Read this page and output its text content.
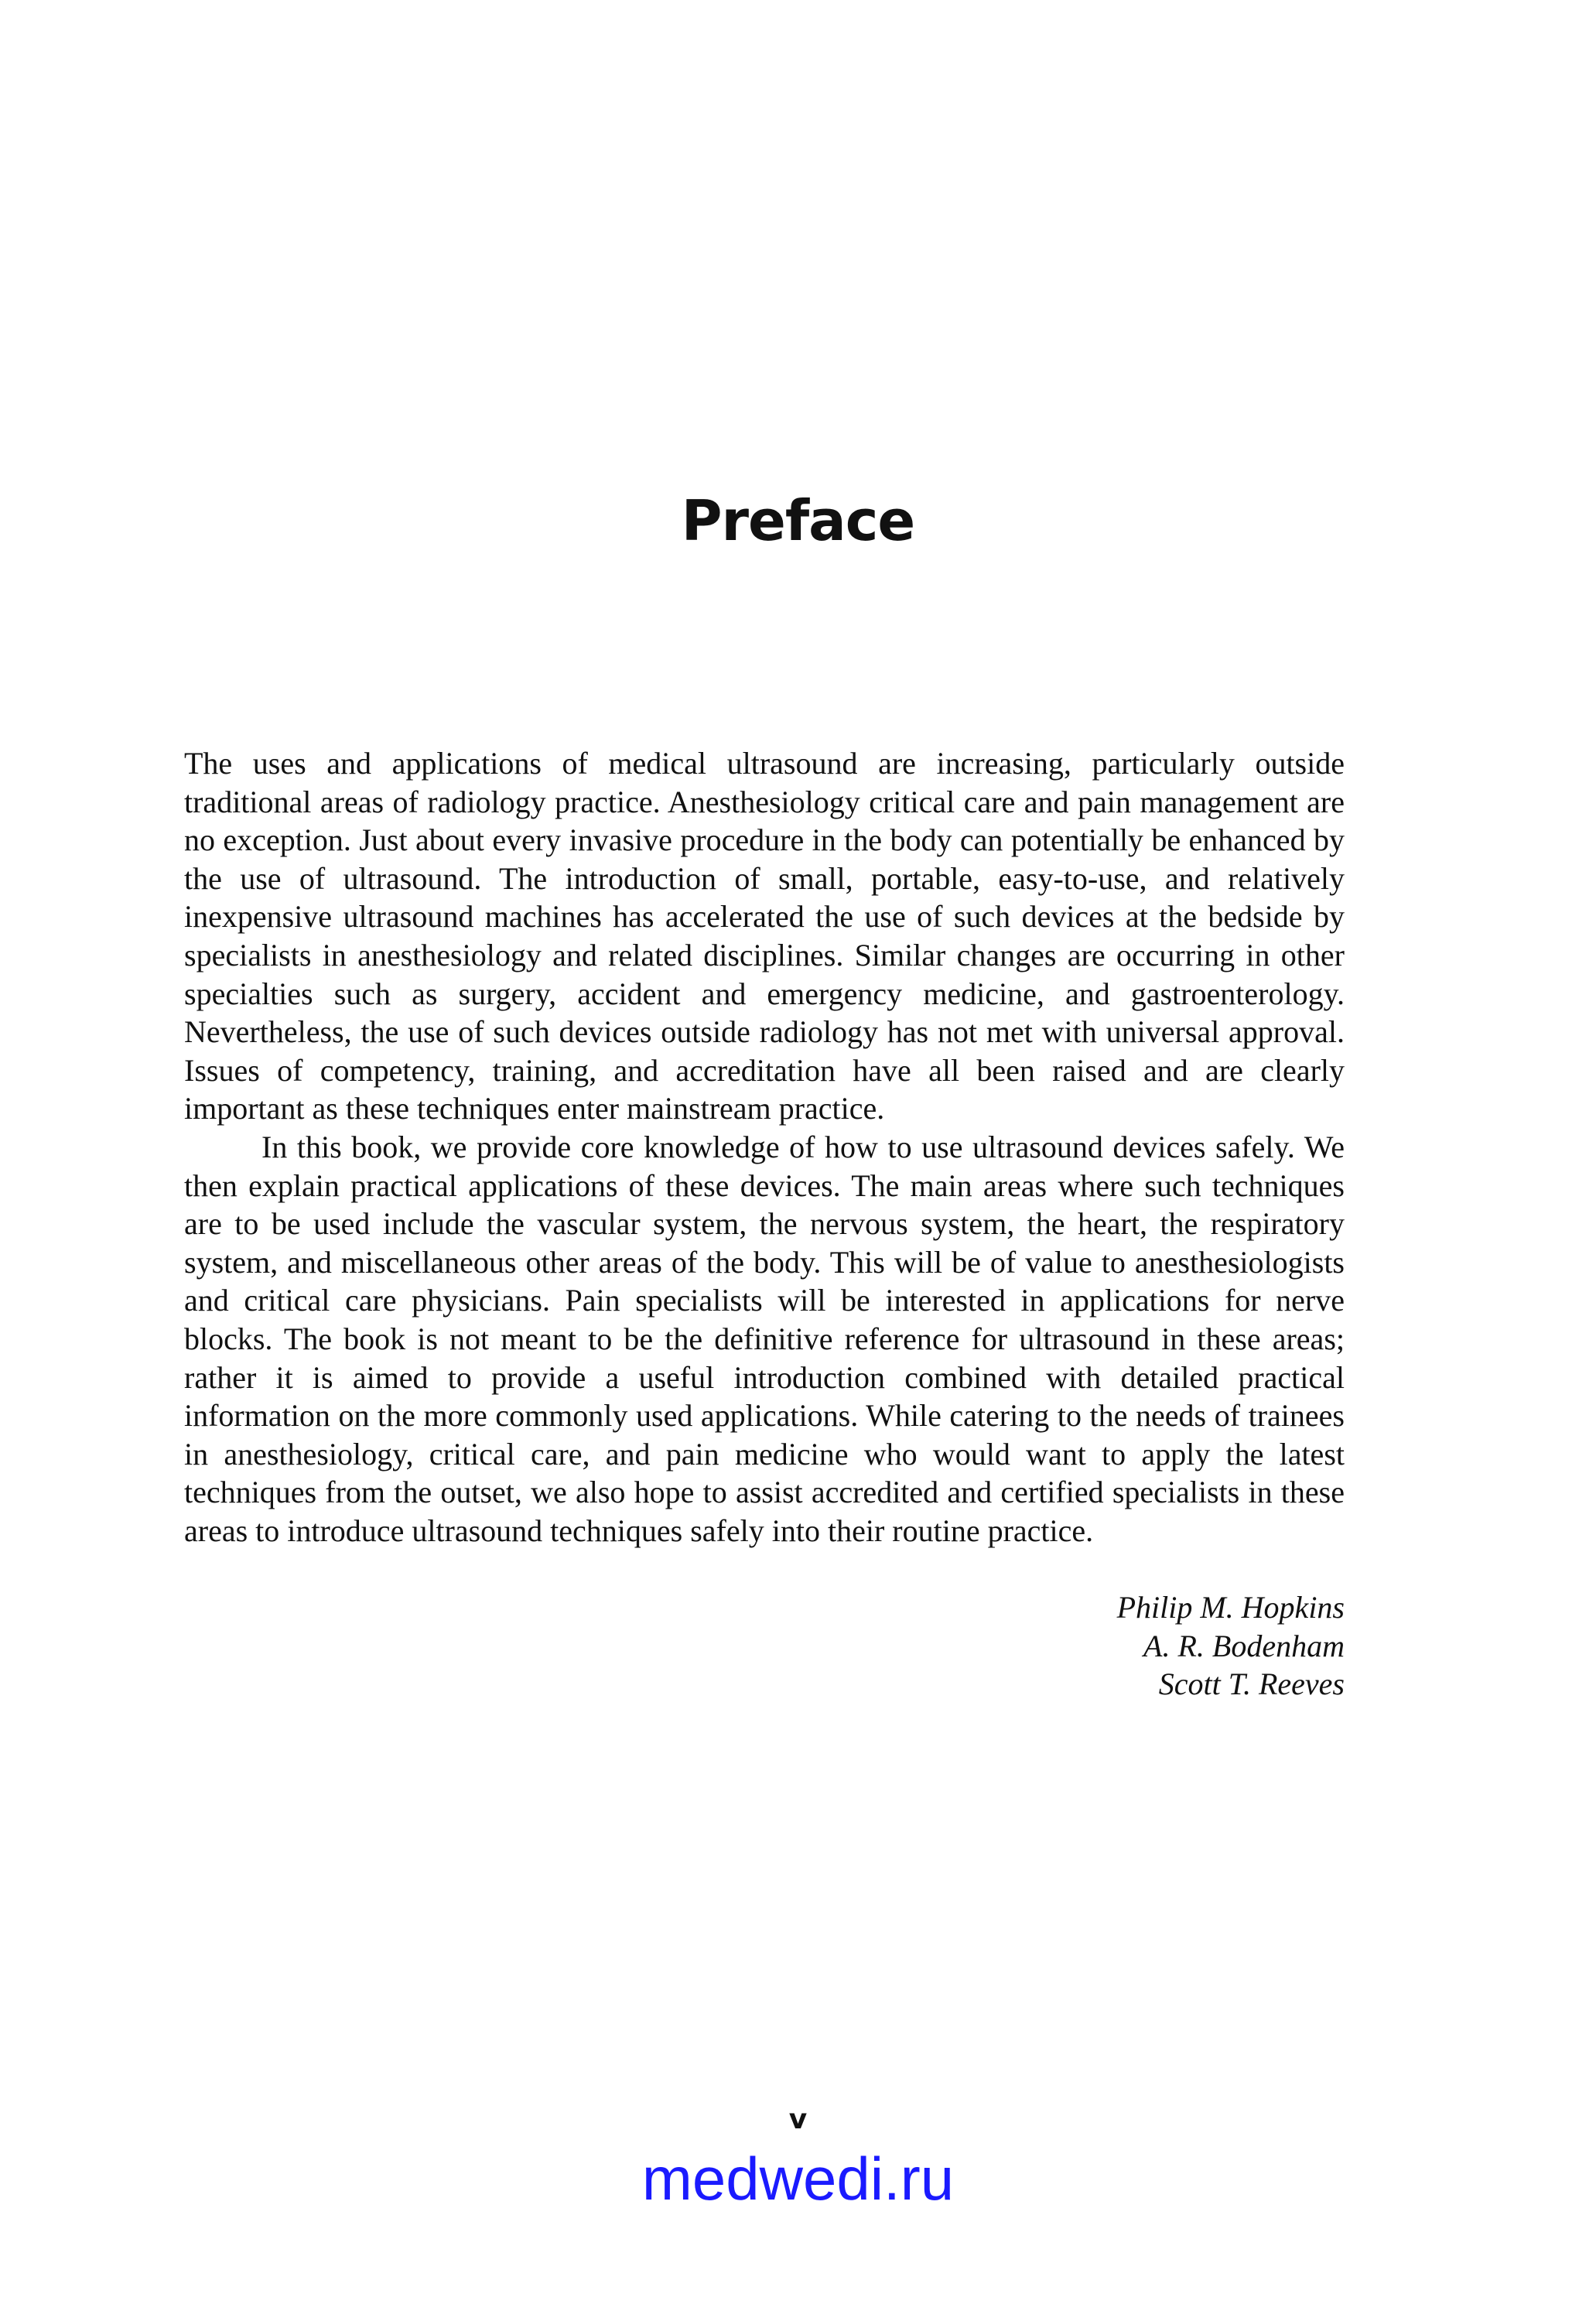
Preface

The uses and applications of medical ultrasound are increasing, particularly outside traditional areas of radiology practice. Anesthesiology critical care and pain management are no exception. Just about every invasive procedure in the body can potentially be enhanced by the use of ultrasound. The introduction of small, portable, easy-to-use, and relatively inexpensive ultrasound machines has accelerated the use of such devices at the bedside by specialists in anesthesiology and related disciplines. Similar changes are occurring in other specialties such as surgery, accident and emergency medicine, and gastroenterology. Nevertheless, the use of such devices outside radiology has not met with universal approval. Issues of competency, training, and accreditation have all been raised and are clearly important as these techniques enter mainstream practice.

In this book, we provide core knowledge of how to use ultrasound devices safely. We then explain practical applications of these devices. The main areas where such techniques are to be used include the vascular system, the nervous system, the heart, the respiratory system, and miscellaneous other areas of the body. This will be of value to anesthesiologists and critical care physicians. Pain specialists will be interested in applications for nerve blocks. The book is not meant to be the definitive reference for ultrasound in these areas; rather it is aimed to provide a useful introduction combined with detailed practical information on the more commonly used applications. While catering to the needs of trainees in anesthesiology, critical care, and pain medicine who would want to apply the latest techniques from the outset, we also hope to assist accredited and certified specialists in these areas to introduce ultrasound techniques safely into their routine practice.

Philip M. Hopkins
A. R. Bodenham
Scott T. Reeves
v
medwedi.ru
